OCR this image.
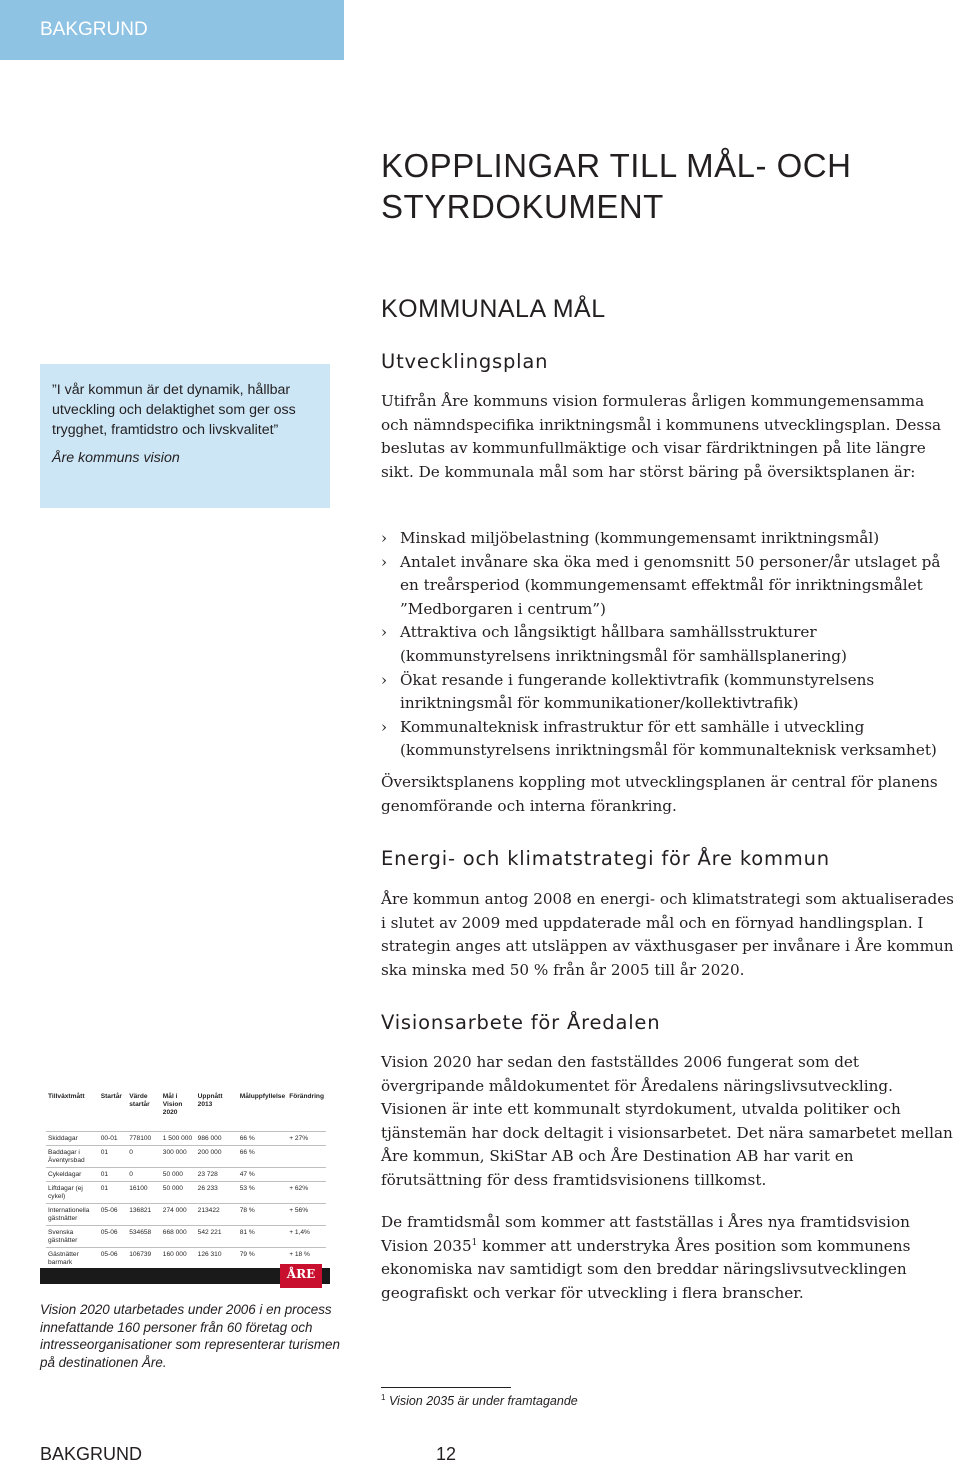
BAKGRUND
KOPPLINGAR TILL MÅL- OCH STYRDOKUMENT
KOMMUNALA MÅL
Utvecklingsplan

Utifrån Åre kommuns vision formuleras årligen kommungemensamma och nämndspecifika inriktningsmål i kommunens utvecklingsplan. Dessa beslutas av kommunfullmäktige och visar färdriktningen på lite längre sikt. De kommunala mål som har störst bäring på översiktsplanen är:

› Minskad miljöbelastning (kommungemensamt inriktningsmål)
› Antalet invånare ska öka med i genomsnitt 50 personer/år utslaget på en treårsperiod (kommungemensamt effektmål för inriktningsmålet ”Medborgaren i centrum”)
› Attraktiva och långsiktigt hållbara samhällsstrukturer (kommunstyrelsens inriktningsmål för samhällsplanering)
› Ökat resande i fungerande kollektivtrafik (kommunstyrelsens inriktningsmål för kommunikationer/kollektivtrafik)
› Kommunalteknisk infrastruktur för ett samhälle i utveckling (kommunstyrelsens inriktningsmål för kommunalteknisk verksamhet)

Översiktsplanens koppling mot utvecklingsplanen är central för planens genomförande och interna förankring.

Energi- och klimatstrategi för Åre kommun

Åre kommun antog 2008 en energi- och klimatstrategi som aktualiserades i slutet av 2009 med uppdaterade mål och en förnyad handlingsplan. I strategin anges att utsläppen av växthusgaser per invånare i Åre kommun ska minska med 50 % från år 2005 till år 2020.

Visionsarbete för Åredalen

Vision 2020 har sedan den fastställdes 2006 fungerat som det övergripande måldokumentet för Åredalens näringslivsutveckling. Visionen är inte ett kommunalt styrdokument, utvalda politiker och tjänstemän har dock deltagit i visionsarbetet. Det nära samarbetet mellan Åre kommun, SkiStar AB och Åre Destination AB har varit en förutsättning för dess framtidsvisionens tillkomst.

De framtidsmål som kommer att fastställas i Åres nya framtidsvision Vision 2035$^1$ kommer att understryka Åres position som kommunens ekonomiska nav samtidigt som den breddar näringslivsutvecklingen geografiskt och verkar för utveckling i flera branscher.

”I vår kommun är det dynamik, hållbar utveckling och delaktighet som ger oss trygghet, framtidstro och livskvalitet”
Åre kommuns vision
Tillväxtmått	Startår	Värde startår	Mål i Vision 2020	Uppnått 2013	Måluppfyllelse	Förändring
Skiddagar	00-01	778100	1 500 000	986 000	66 %	+ 27%
Baddagar i Äventyrsbad	01	0	300 000	200 000	66 %	
Cykeldagar	01	0	50 000	23 728	47 %	
Liftdagar (ej cykel)	01	16100	50 000	26 233	53 %	+ 62%
Internationella gästnätter	05-06	136821	274 000	213422	78 %	+ 56%
Svenska gästnätter	05-06	534658	668 000	542 221	81 %	+ 1,4%
Gästnätter barmark	05-06	106739	160 000	126 310	79 %	+ 18 %
ÅRE
Vision 2020 utarbetades under 2006 i en process innefattande 160 personer från 60 företag och intresseorganisationer som representerar turismen på destinationen Åre.
$^1$ Vision 2035 är under framtagande
BAKGRUND	12
